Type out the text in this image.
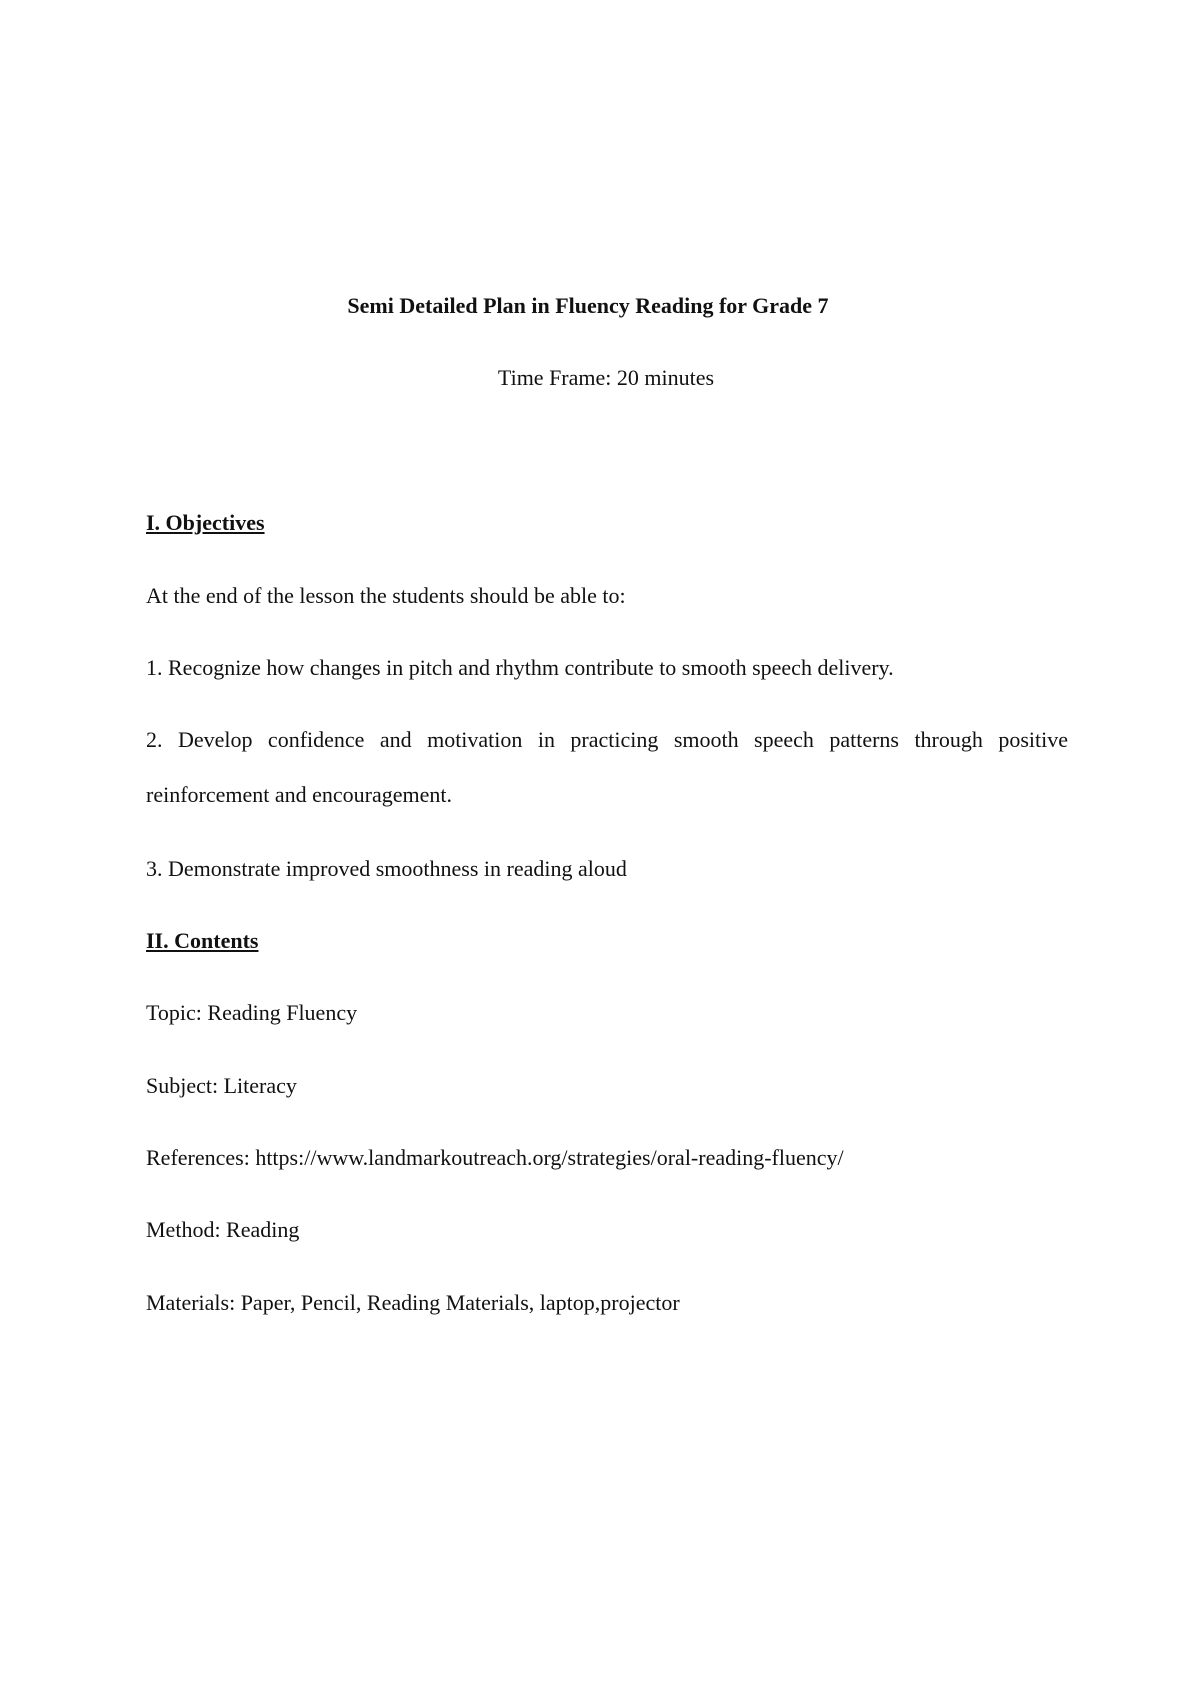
Semi Detailed Plan in Fluency Reading for Grade 7

Time Frame: 20 minutes

I. Objectives

At the end of the lesson the students should be able to:

1. Recognize how changes in pitch and rhythm contribute to smooth speech delivery.

2. Develop confidence and motivation in practicing smooth speech patterns through positive

reinforcement and encouragement.

3. Demonstrate improved smoothness in reading aloud

II. Contents

Topic: Reading Fluency

Subject: Literacy

References: https://www.landmarkoutreach.org/strategies/oral-reading-fluency/

Method: Reading

Materials: Paper, Pencil, Reading Materials, laptop,projector
